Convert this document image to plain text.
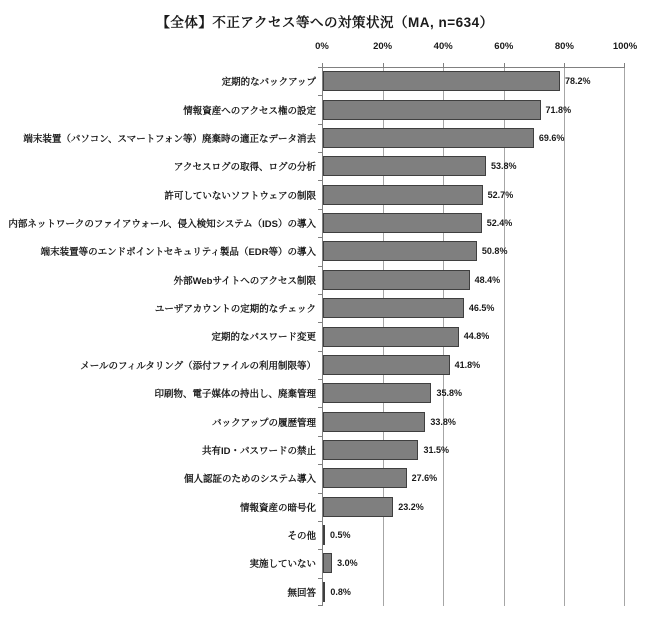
【全体】不正アクセス等への対策状況（MA, n=634）
0%	20%	40%	60%	80%	100%
78.2%
71.8%
69.6%
53.8%
52.7%
52.4%
50.8%
48.4%
46.5%
44.8%
41.8%
35.8%
33.8%
31.5%
27.6%
23.2%
0.5%
3.0%
0.8%
定期的なバックアップ
情報資産へのアクセス権の設定
端末装置（パソコン、スマートフォン等）廃棄時の適正なデータ消去
アクセスログの取得、ログの分析
許可していないソフトウェアの制限
内部ネットワークのファイアウォール、侵入検知システム（IDS）の導入
端末装置等のエンドポイントセキュリティ製品（EDR等）の導入
外部Webサイトへのアクセス制限
ユーザアカウントの定期的なチェック
定期的なパスワード変更
メールのフィルタリング（添付ファイルの利用制限等）
印刷物、電子媒体の持出し、廃棄管理
バックアップの履歴管理
共有ID・パスワードの禁止
個人認証のためのシステム導入
情報資産の暗号化
その他
実施していない
無回答
